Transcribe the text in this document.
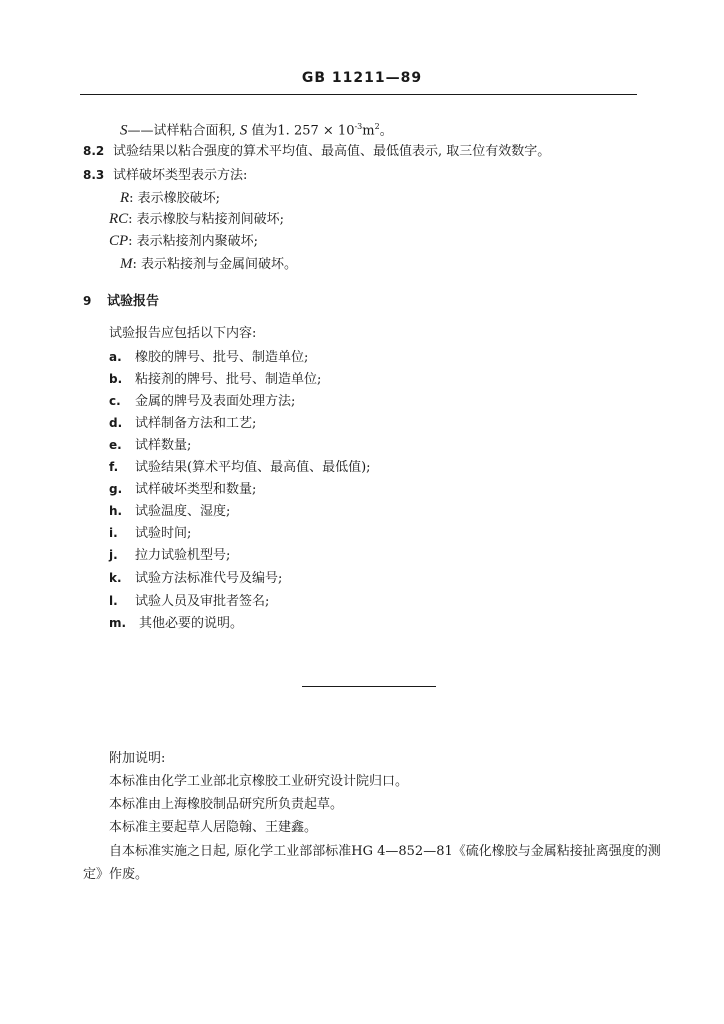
GB 11211—89
S——试样粘合面积, S 值为1. $257 \times 10^{-3}m^2$。
8.2 试验结果以粘合强度的算术平均值、最高值、最低值表示, 取三位有效数字。
8.3 试样破坏类型表示方法:
R: 表示橡胶破坏;
RC: 表示橡胶与粘接剂间破坏;
CP: 表示粘接剂内聚破坏;
M: 表示粘接剂与金属间破坏。
9 试验报告
试验报告应包括以下内容:
a. 橡胶的牌号、批号、制造单位;
b. 粘接剂的牌号、批号、制造单位;
c. 金属的牌号及表面处理方法;
d. 试样制备方法和工艺;
e. 试样数量;
f. 试验结果(算术平均值、最高值、最低值);
g. 试样破坏类型和数量;
h. 试验温度、湿度;
i. 试验时间;
j. 拉力试验机型号;
k. 试验方法标准代号及编号;
l. 试验人员及审批者签名;
m. 其他必要的说明。
附加说明:
本标准由化学工业部北京橡胶工业研究设计院归口。
本标准由上海橡胶制品研究所负责起草。
本标准主要起草人居隐翰、王建鑫。
自本标准实施之日起, 原化学工业部部标准HG 4—852—81《硫化橡胶与金属粘接扯离强度的测
定》作废。
